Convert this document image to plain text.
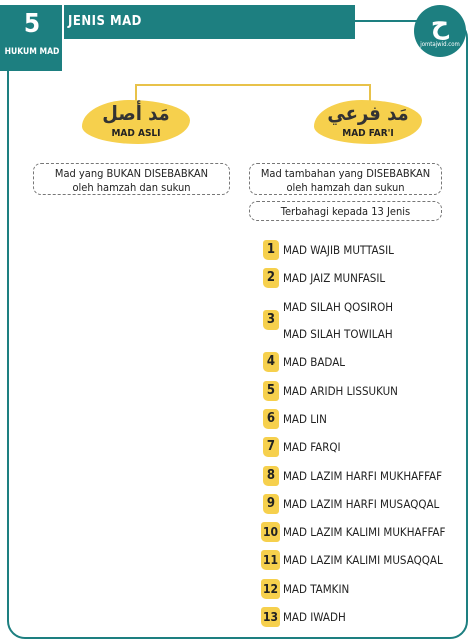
JENIS MAD
5
HUKUM MAD
ح
jomtajwid.com
مَد أصل
MAD ASLI
Mad yang BUKAN DISEBABKAN
oleh hamzah dan sukun
مَد فرعي
MAD FAR'I
Mad tambahan yang DISEBABKAN
oleh hamzah dan sukun
Terbahagi kepada 13 Jenis
1 MAD WAJIB MUTTASIL
2 MAD JAIZ MUNFASIL
3
MAD SILAH QOSIROH
MAD SILAH TOWILAH
4 MAD BADAL
5 MAD ARIDH LISSUKUN
6 MAD LIN
7 MAD FARQI
8 MAD LAZIM HARFI MUKHAFFAF
9 MAD LAZIM HARFI MUSAQQAL
10 MAD LAZIM KALIMI MUKHAFFAF
11 MAD LAZIM KALIMI MUSAQQAL
12 MAD TAMKIN
13 MAD IWADH
